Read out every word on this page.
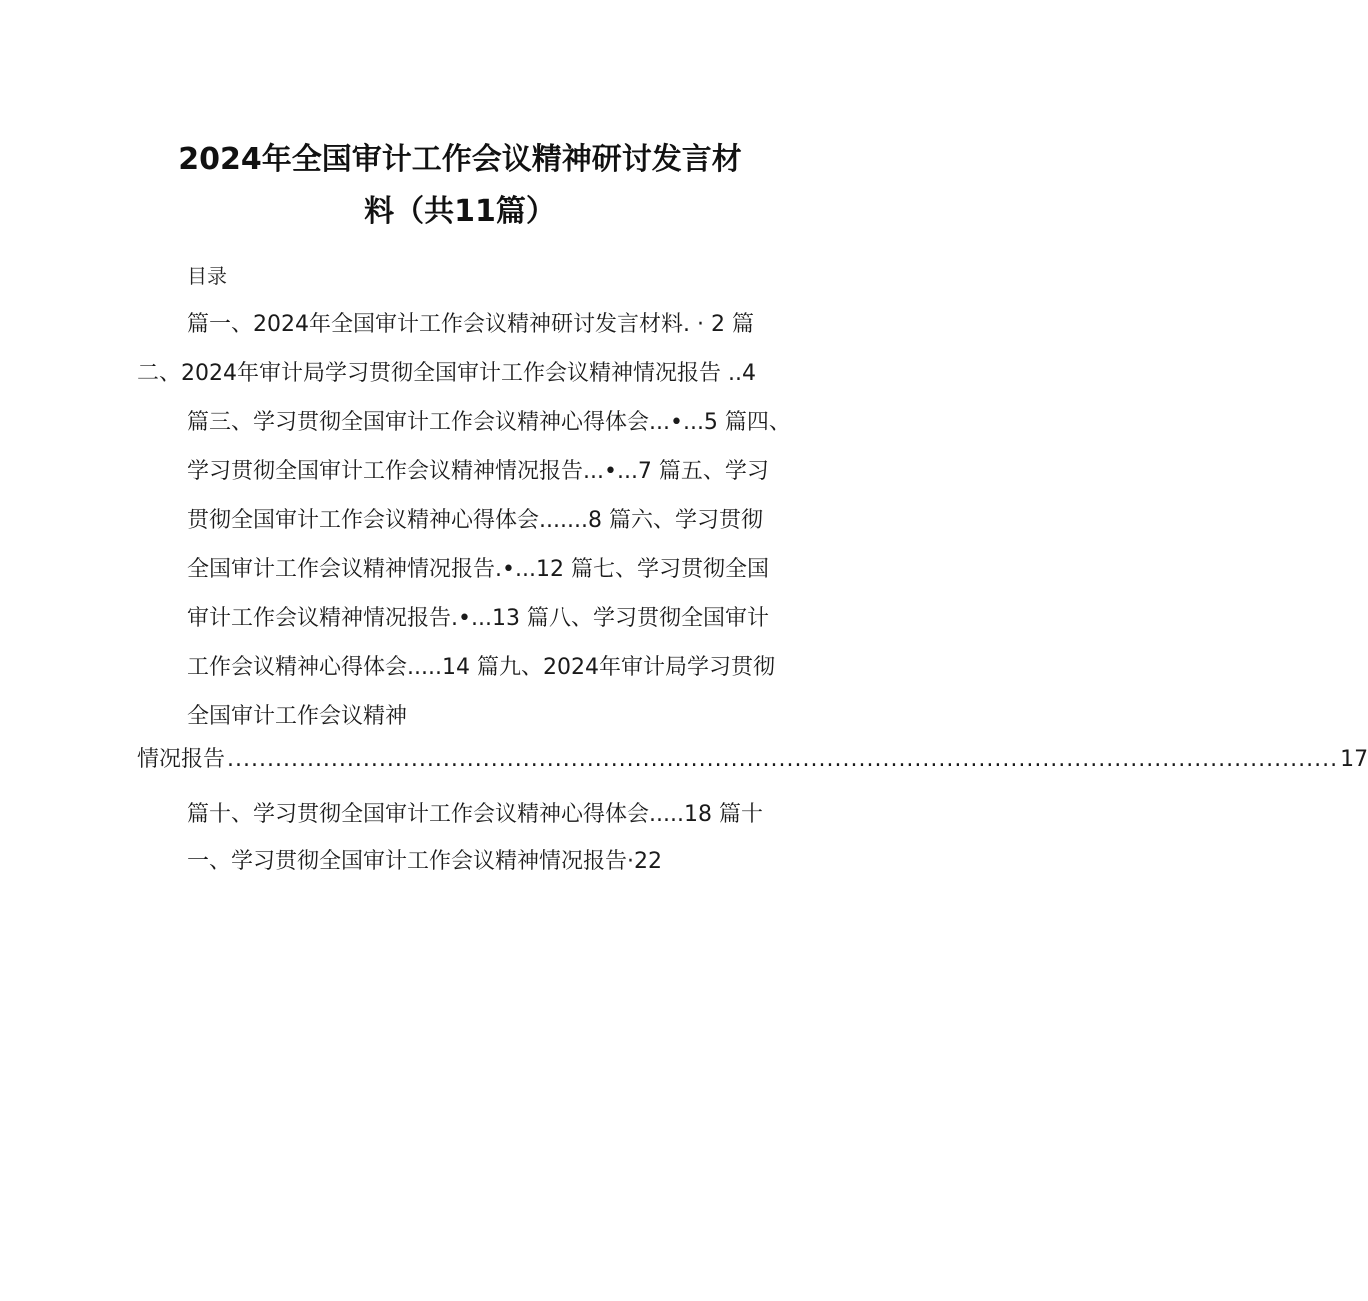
2024年全国审计工作会议精神研讨发言材
料（共11篇）
目录
篇一、2024年全国审计工作会议精神研讨发言材料. · 2 篇
二、2024年审计局学习贯彻全国审计工作会议精神情况报告 ..4
篇三、学习贯彻全国审计工作会议精神心得体会...•...5 篇四、
学习贯彻全国审计工作会议精神情况报告...•...7 篇五、学习
贯彻全国审计工作会议精神心得体会.......8 篇六、学习贯彻
全国审计工作会议精神情况报告.•...12 篇七、学习贯彻全国
审计工作会议精神情况报告.•...13 篇八、学习贯彻全国审计
工作会议精神心得体会.....14 篇九、2024年审计局学习贯彻
全国审计工作会议精神
情况报告 ........................................................................................................................................... 17
篇十、学习贯彻全国审计工作会议精神心得体会.....18 篇十
一、学习贯彻全国审计工作会议精神情况报告·22
